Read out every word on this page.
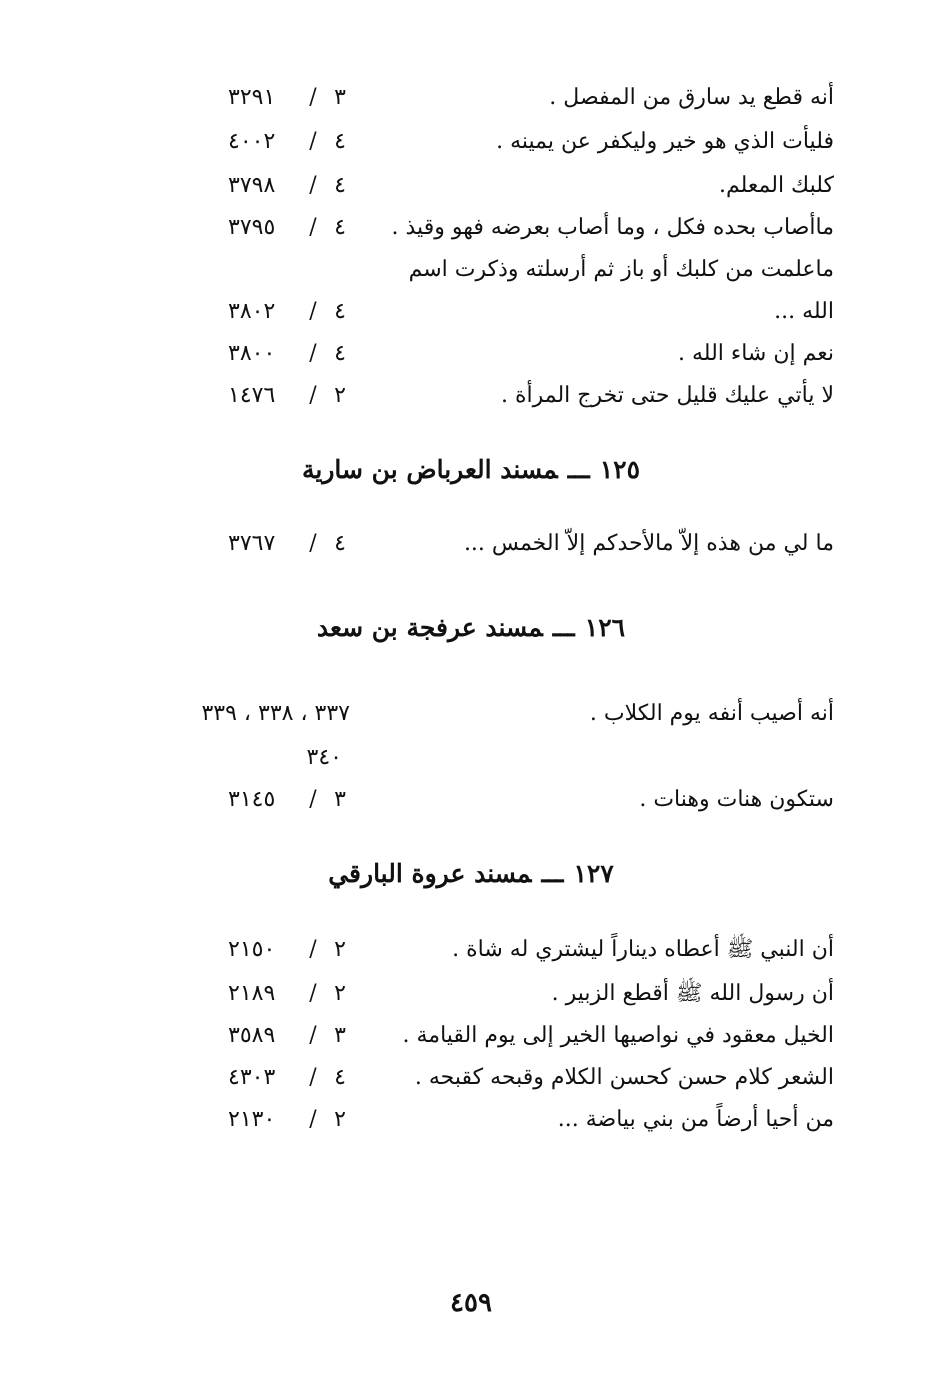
أنه قطع يد سارق من المفصل .
٣/٣٢٩١
فليأت الذي هو خير وليكفر عن يمينه .
٤/٤٠٠٢
كلبك المعلم.
٤/٣٧٩٨
ماأصاب بحده فكل ، وما أصاب بعرضه فهو وقيذ .
٤/٣٧٩٥
ماعلمت من كلبك أو باز ثم أرسلته وذكرت اسم
الله ...
٤/٣٨٠٢
نعم إن شاء الله .
٤/٣٨٠٠
لا يأتي عليك قليل حتى تخرج المرأة .
٢/١٤٧٦
١٢٥ـــمسند العرباض بن سارية
ما لي من هذه إلاّ مالأحدكم إلاّ الخمس ...
٤/٣٧٦٧
١٢٦ـــمسند عرفجة بن سعد
أنه أصيب أنفه يوم الكلاب .
٣٣٧ ، ٣٣٨ ، ٣٣٩
٣٤٠
ستكون هنات وهنات .
٣/٣١٤٥
١٢٧ـــمسند عروة البارقي
أن النبي ﷺ أعطاه ديناراً ليشتري له شاة .
٢/٢١٥٠
أن رسول الله ﷺ أقطع الزبير .
٢/٢١٨٩
الخيل معقود في نواصيها الخير إلى يوم القيامة .
٣/٣٥٨٩
الشعر كلام حسن كحسن الكلام وقبحه كقبحه .
٤/٤٣٠٣
من أحيا أرضاً من بني بياضة ...
٢/٢١٣٠
٤٥٩
